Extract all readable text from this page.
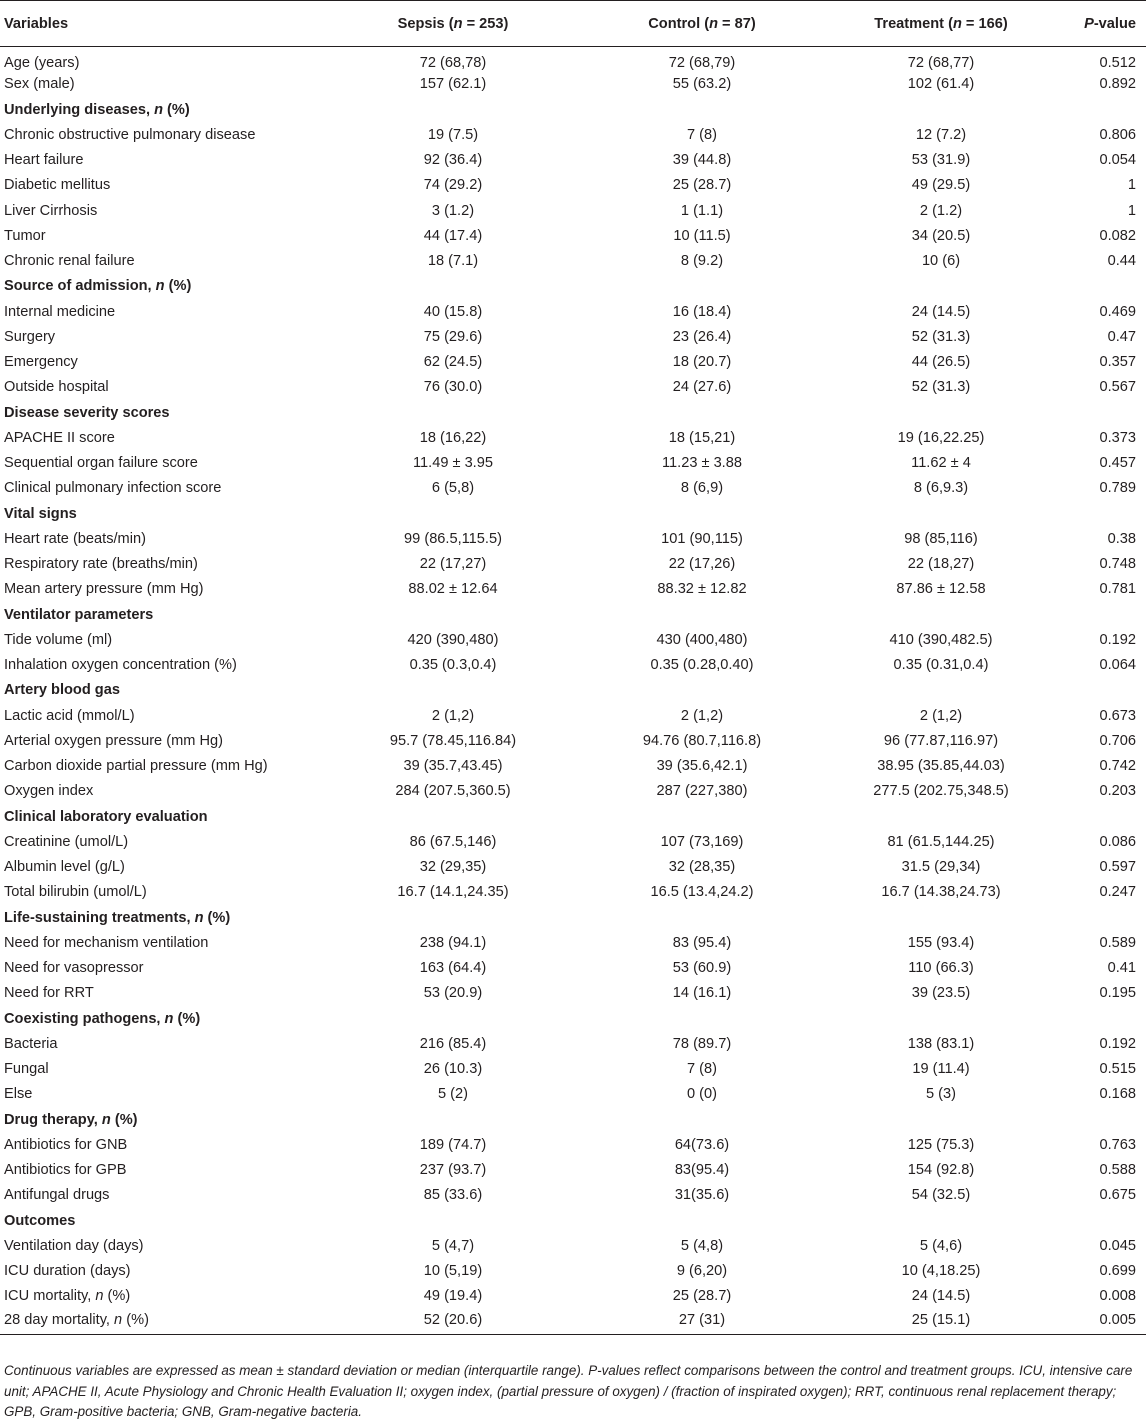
Variables	Sepsis (n = 253)	Control (n = 87)	Treatment (n = 166)	P-value
Age (years)	72 (68,78)	72 (68,79)	72 (68,77)	0.512
Sex (male)	157 (62.1)	55 (63.2)	102 (61.4)	0.892
Underlying diseases, n (%)				
Chronic obstructive pulmonary disease	19 (7.5)	7 (8)	12 (7.2)	0.806
Heart failure	92 (36.4)	39 (44.8)	53 (31.9)	0.054
Diabetic mellitus	74 (29.2)	25 (28.7)	49 (29.5)	1
Liver Cirrhosis	3 (1.2)	1 (1.1)	2 (1.2)	1
Tumor	44 (17.4)	10 (11.5)	34 (20.5)	0.082
Chronic renal failure	18 (7.1)	8 (9.2)	10 (6)	0.44
Source of admission, n (%)				
Internal medicine	40 (15.8)	16 (18.4)	24 (14.5)	0.469
Surgery	75 (29.6)	23 (26.4)	52 (31.3)	0.47
Emergency	62 (24.5)	18 (20.7)	44 (26.5)	0.357
Outside hospital	76 (30.0)	24 (27.6)	52 (31.3)	0.567
Disease severity scores				
APACHE II score	18 (16,22)	18 (15,21)	19 (16,22.25)	0.373
Sequential organ failure score	11.49 ± 3.95	11.23 ± 3.88	11.62 ± 4	0.457
Clinical pulmonary infection score	6 (5,8)	8 (6,9)	8 (6,9.3)	0.789
Vital signs				
Heart rate (beats/min)	99 (86.5,115.5)	101 (90,115)	98 (85,116)	0.38
Respiratory rate (breaths/min)	22 (17,27)	22 (17,26)	22 (18,27)	0.748
Mean artery pressure (mm Hg)	88.02 ± 12.64	88.32 ± 12.82	87.86 ± 12.58	0.781
Ventilator parameters				
Tide volume (ml)	420 (390,480)	430 (400,480)	410 (390,482.5)	0.192
Inhalation oxygen concentration (%)	0.35 (0.3,0.4)	0.35 (0.28,0.40)	0.35 (0.31,0.4)	0.064
Artery blood gas				
Lactic acid (mmol/L)	2 (1,2)	2 (1,2)	2 (1,2)	0.673
Arterial oxygen pressure (mm Hg)	95.7 (78.45,116.84)	94.76 (80.7,116.8)	96 (77.87,116.97)	0.706
Carbon dioxide partial pressure (mm Hg)	39 (35.7,43.45)	39 (35.6,42.1)	38.95 (35.85,44.03)	0.742
Oxygen index	284 (207.5,360.5)	287 (227,380)	277.5 (202.75,348.5)	0.203
Clinical laboratory evaluation				
Creatinine (umol/L)	86 (67.5,146)	107 (73,169)	81 (61.5,144.25)	0.086
Albumin level (g/L)	32 (29,35)	32 (28,35)	31.5 (29,34)	0.597
Total bilirubin (umol/L)	16.7 (14.1,24.35)	16.5 (13.4,24.2)	16.7 (14.38,24.73)	0.247
Life-sustaining treatments, n (%)				
Need for mechanism ventilation	238 (94.1)	83 (95.4)	155 (93.4)	0.589
Need for vasopressor	163 (64.4)	53 (60.9)	110 (66.3)	0.41
Need for RRT	53 (20.9)	14 (16.1)	39 (23.5)	0.195
Coexisting pathogens, n (%)				
Bacteria	216 (85.4)	78 (89.7)	138 (83.1)	0.192
Fungal	26 (10.3)	7 (8)	19 (11.4)	0.515
Else	5 (2)	0 (0)	5 (3)	0.168
Drug therapy, n (%)				
Antibiotics for GNB	189 (74.7)	64(73.6)	125 (75.3)	0.763
Antibiotics for GPB	237 (93.7)	83(95.4)	154 (92.8)	0.588
Antifungal drugs	85 (33.6)	31(35.6)	54 (32.5)	0.675
Outcomes				
Ventilation day (days)	5 (4,7)	5 (4,8)	5 (4,6)	0.045
ICU duration (days)	10 (5,19)	9 (6,20)	10 (4,18.25)	0.699
ICU mortality, n (%)	49 (19.4)	25 (28.7)	24 (14.5)	0.008
28 day mortality, n (%)	52 (20.6)	27 (31)	25 (15.1)	0.005
Continuous variables are expressed as mean ± standard deviation or median (interquartile range). P-values reflect comparisons between the control and treatment groups. ICU, intensive care unit; APACHE II, Acute Physiology and Chronic Health Evaluation II; oxygen index, (partial pressure of oxygen) / (fraction of inspirated oxygen); RRT, continuous renal replacement therapy; GPB, Gram-positive bacteria; GNB, Gram-negative bacteria.
